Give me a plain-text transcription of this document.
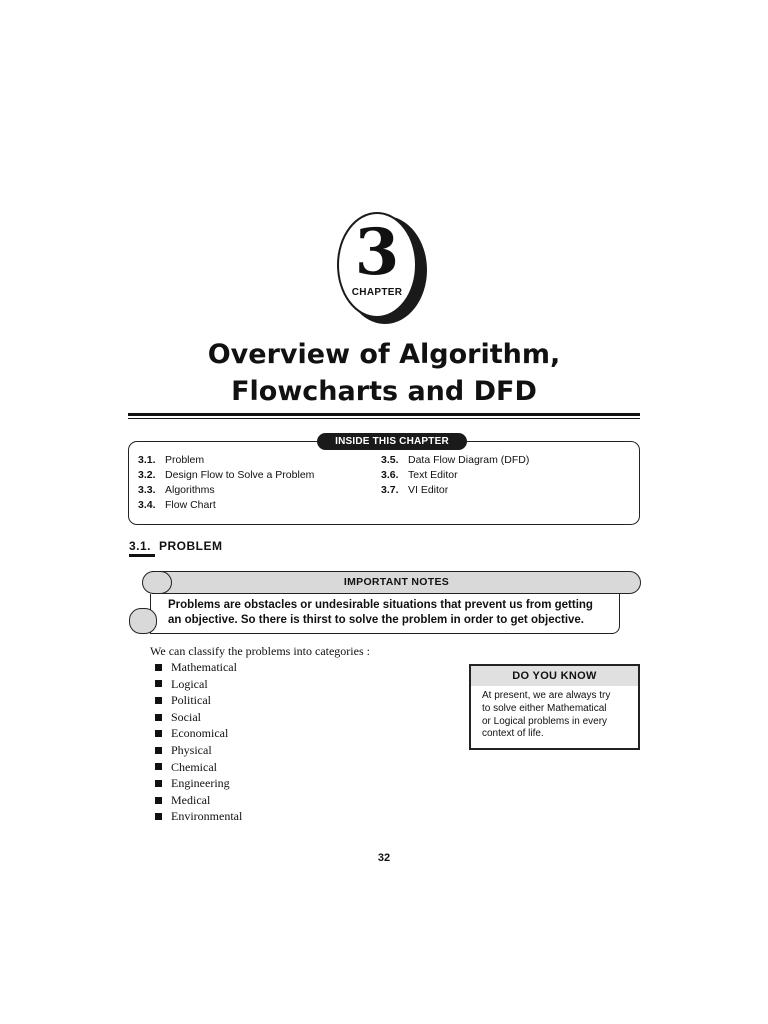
3
CHAPTER
Overview of Algorithm,
Flowcharts and DFD
INSIDE THIS CHAPTER
3.1. Problem
3.2. Design Flow to Solve a Problem
3.3. Algorithms
3.4. Flow Chart
3.5. Data Flow Diagram (DFD)
3.6. Text Editor
3.7. VI Editor
3.1. PROBLEM
IMPORTANT NOTES
Problems are obstacles or undesirable situations that prevent us from getting
an objective. So there is thirst to solve the problem in order to get objective.
We can classify the problems into categories :
Mathematical
Logical
Political
Social
Economical
Physical
Chemical
Engineering
Medical
Environmental
DO YOU KNOW
At present, we are always try
to solve either Mathematical
or Logical problems in every
context of life.
32
